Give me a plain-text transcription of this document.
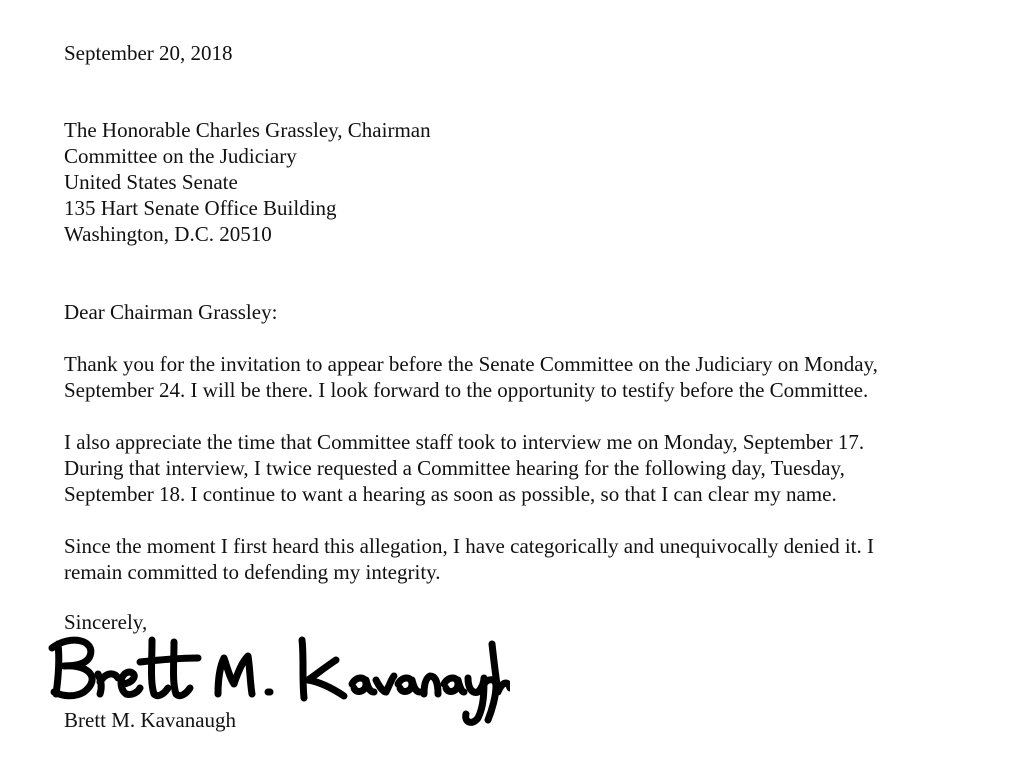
September 20, 2018

The Honorable Charles Grassley, Chairman

Committee on the Judiciary

United States Senate

135 Hart Senate Office Building

Washington, D.C. 20510

Dear Chairman Grassley:

Thank you for the invitation to appear before the Senate Committee on the Judiciary on Monday,
September 24. I will be there. I look forward to the opportunity to testify before the Committee.

I also appreciate the time that Committee staff took to interview me on Monday, September 17.
During that interview, I twice requested a Committee hearing for the following day, Tuesday,
September 18. I continue to want a hearing as soon as possible, so that I can clear my name.

Since the moment I first heard this allegation, I have categorically and unequivocally denied it. I
remain committed to defending my integrity.

Sincerely,

Brett M. Kavanaugh
